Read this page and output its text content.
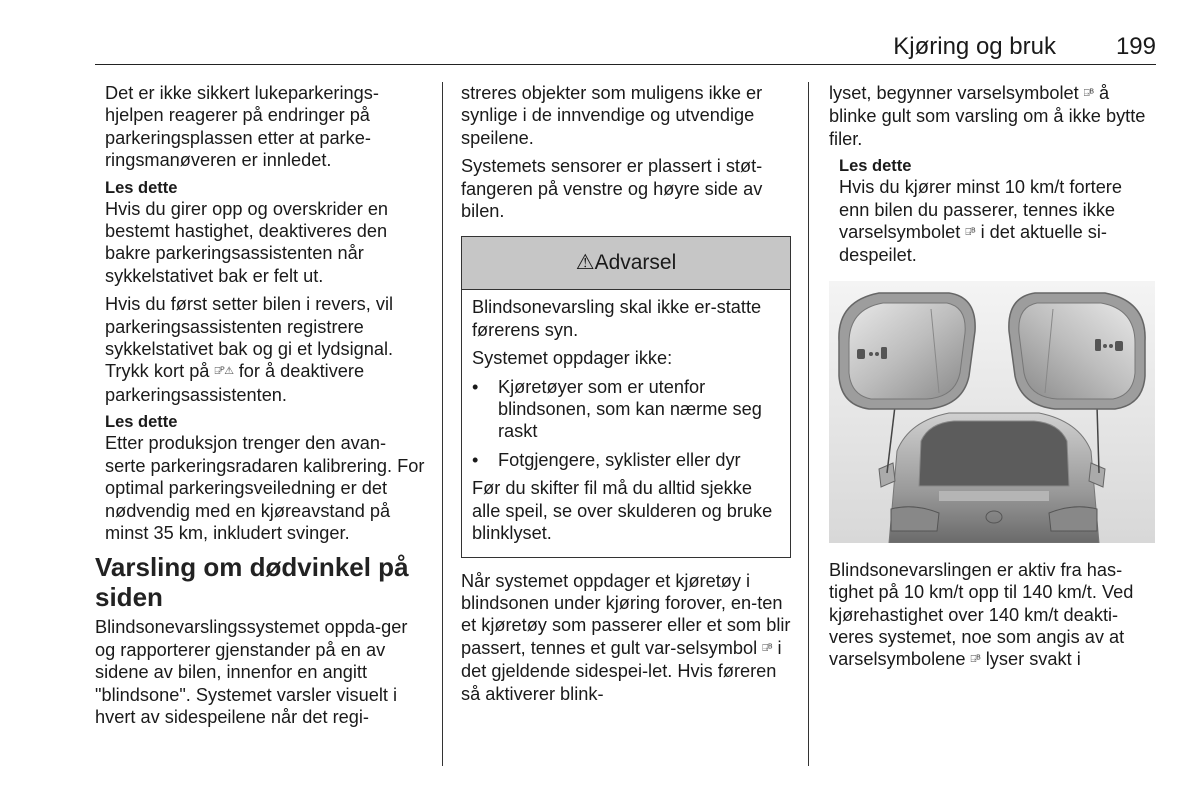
Kjøring og bruk 199

Det er ikke sikkert lukeparkerings-hjelpen reagerer på endringer på parkeringsplassen etter at parke-ringsmanøveren er innledet.

Les dette

Hvis du girer opp og overskrider en bestemt hastighet, deaktiveres den bakre parkeringsassistenten når sykkelstativet bak er felt ut.

Hvis du først setter bilen i revers, vil parkeringsassistenten registrere sykkelstativet bak og gi et lydsignal. Trykk kort på ⍈ᴾ⚠ for å deaktivere parkeringsassistenten.

Les dette

Etter produksjon trenger den avan-serte parkeringsradaren kalibrering. For optimal parkeringsveiledning er det nødvendig med en kjøreavstand på minst 35 km, inkludert svinger.

Varsling om dødvinkel på siden

Blindsonevarslingssystemet oppda-ger og rapporterer gjenstander på en av sidene av bilen, innenfor en angitt "blindsone". Systemet varsler visuelt i hvert av sidespeilene når det regi-

streres objekter som muligens ikke er synlige i de innvendige og utvendige speilene.

Systemets sensorer er plassert i støt-fangeren på venstre og høyre side av bilen.

⚠ Advarsel

Blindsonevarsling skal ikke er-statte førerens syn.

Systemet oppdager ikke:

• Kjøretøyer som er utenfor blindsonen, som kan nærme seg raskt
• Fotgjengere, syklister eller dyr

Før du skifter fil må du alltid sjekke alle speil, se over skulderen og bruke blinklyset.

Når systemet oppdager et kjøretøy i blindsonen under kjøring forover, en-ten et kjøretøy som passerer eller et som blir passert, tennes et gult var-selsymbol ⍈ᴮ i det gjeldende sidespei-let. Hvis føreren så aktiverer blink-

lyset, begynner varselsymbolet ⍈ᴮ å blinke gult som varsling om å ikke bytte filer.

Les dette

Hvis du kjører minst 10 km/t fortere enn bilen du passerer, tennes ikke varselsymbolet ⍈ᴮ i det aktuelle si-despeilet.

Blindsonevarslingen er aktiv fra has-tighet på 10 km/t opp til 140 km/t. Ved kjørehastighet over 140 km/t deakti-veres systemet, noe som angis av at varselsymbolene ⍈ᴮ lyser svakt i
